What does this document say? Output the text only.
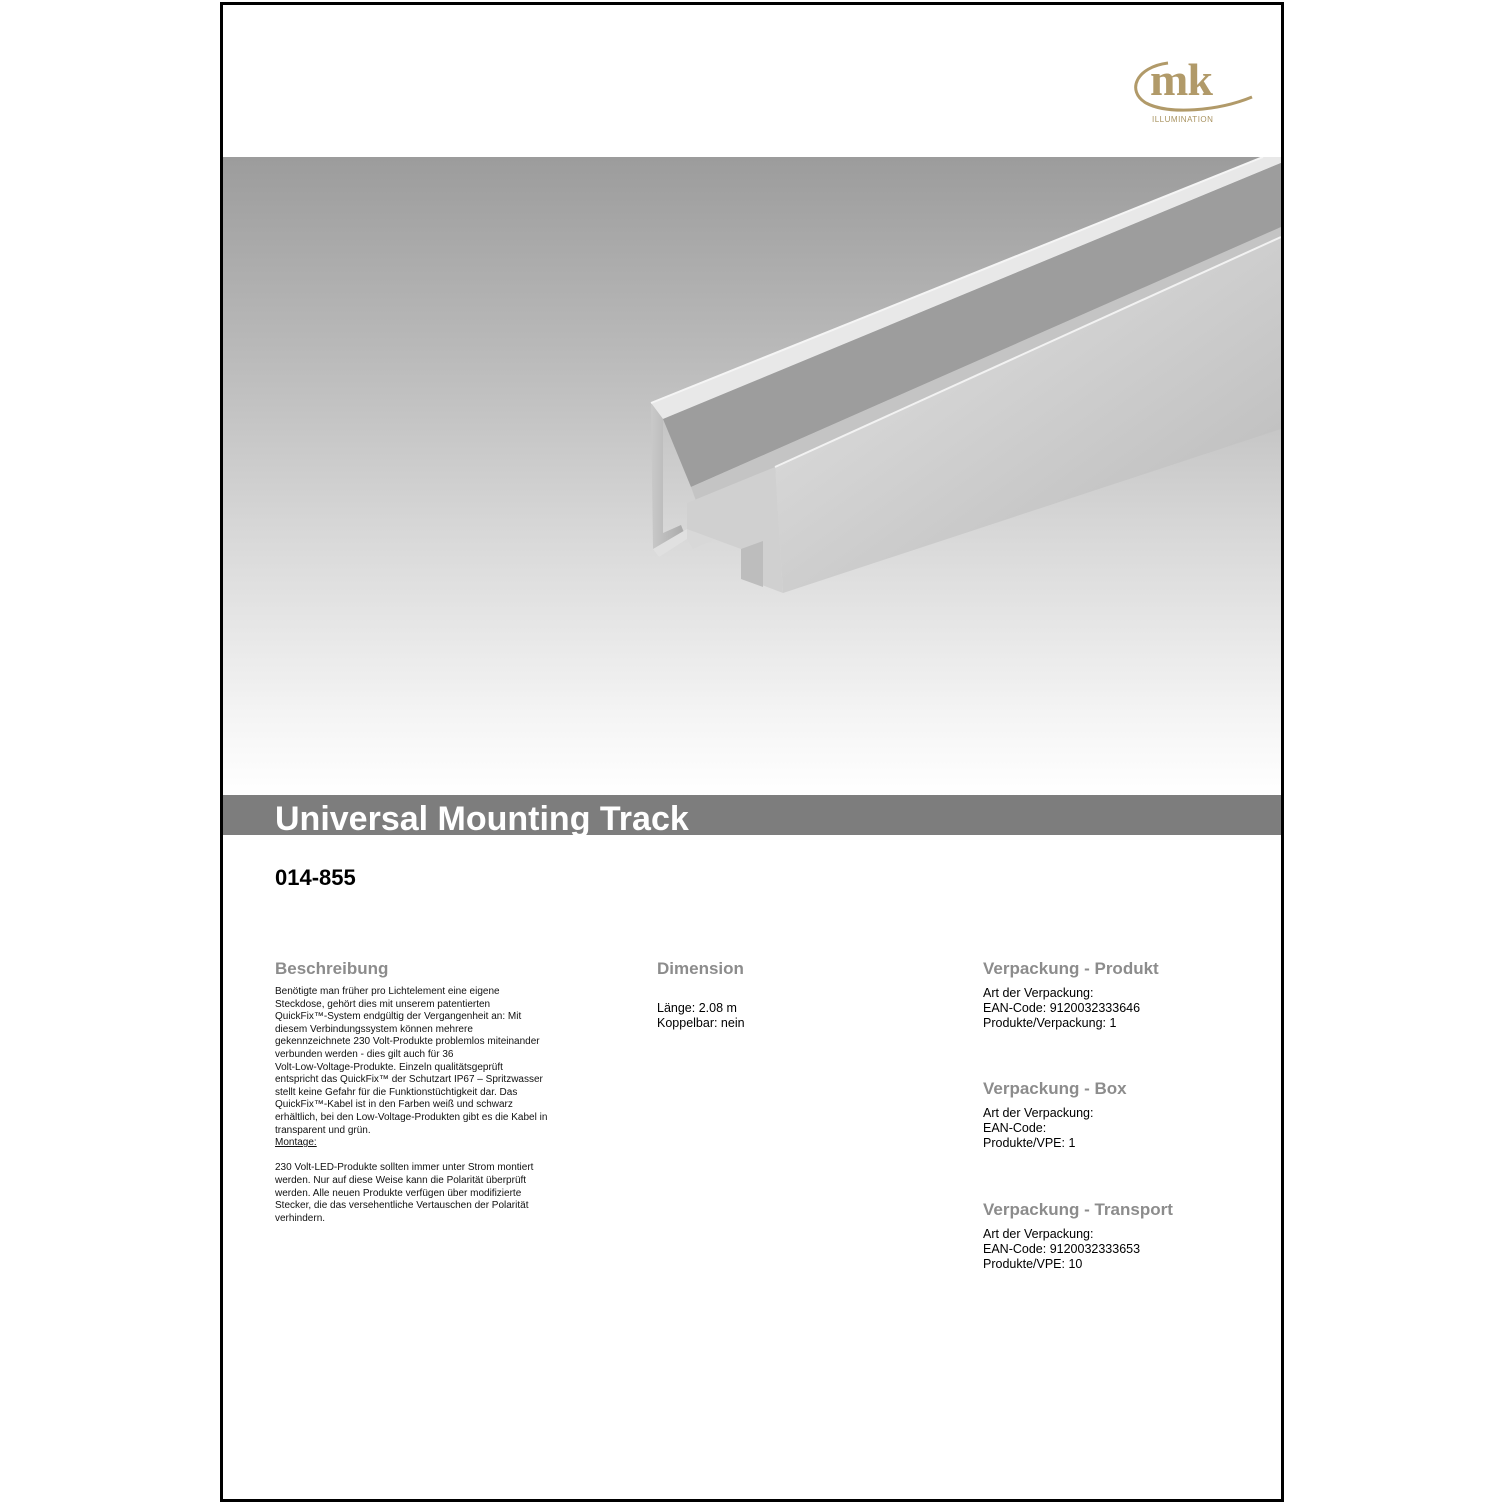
mk
ILLUMINATION
Universal Mounting Track
014-855
Beschreibung
Benötigte man früher pro Lichtelement eine eigene
Steckdose, gehört dies mit unserem patentierten
QuickFix™-System endgültig der Vergangenheit an: Mit
diesem Verbindungssystem können mehrere
gekennzeichnete 230 Volt-Produkte problemlos miteinander
verbunden werden - dies gilt auch für 36
Volt-Low-Voltage-Produkte. Einzeln qualitätsgeprüft
entspricht das QuickFix™ der Schutzart IP67 – Spritzwasser
stellt keine Gefahr für die Funktionstüchtigkeit dar. Das
QuickFix™-Kabel ist in den Farben weiß und schwarz
erhältlich, bei den Low-Voltage-Produkten gibt es die Kabel in
transparent und grün.
Montage:
230 Volt-LED-Produkte sollten immer unter Strom montiert
werden. Nur auf diese Weise kann die Polarität überprüft
werden. Alle neuen Produkte verfügen über modifizierte
Stecker, die das versehentliche Vertauschen der Polarität
verhindern.
Dimension
Länge: 2.08 m
Koppelbar: nein
Verpackung - Produkt
Art der Verpackung:
EAN-Code: 9120032333646
Produkte/Verpackung: 1
Verpackung - Box
Art der Verpackung:
EAN-Code:
Produkte/VPE: 1
Verpackung - Transport
Art der Verpackung:
EAN-Code: 9120032333653
Produkte/VPE: 10
